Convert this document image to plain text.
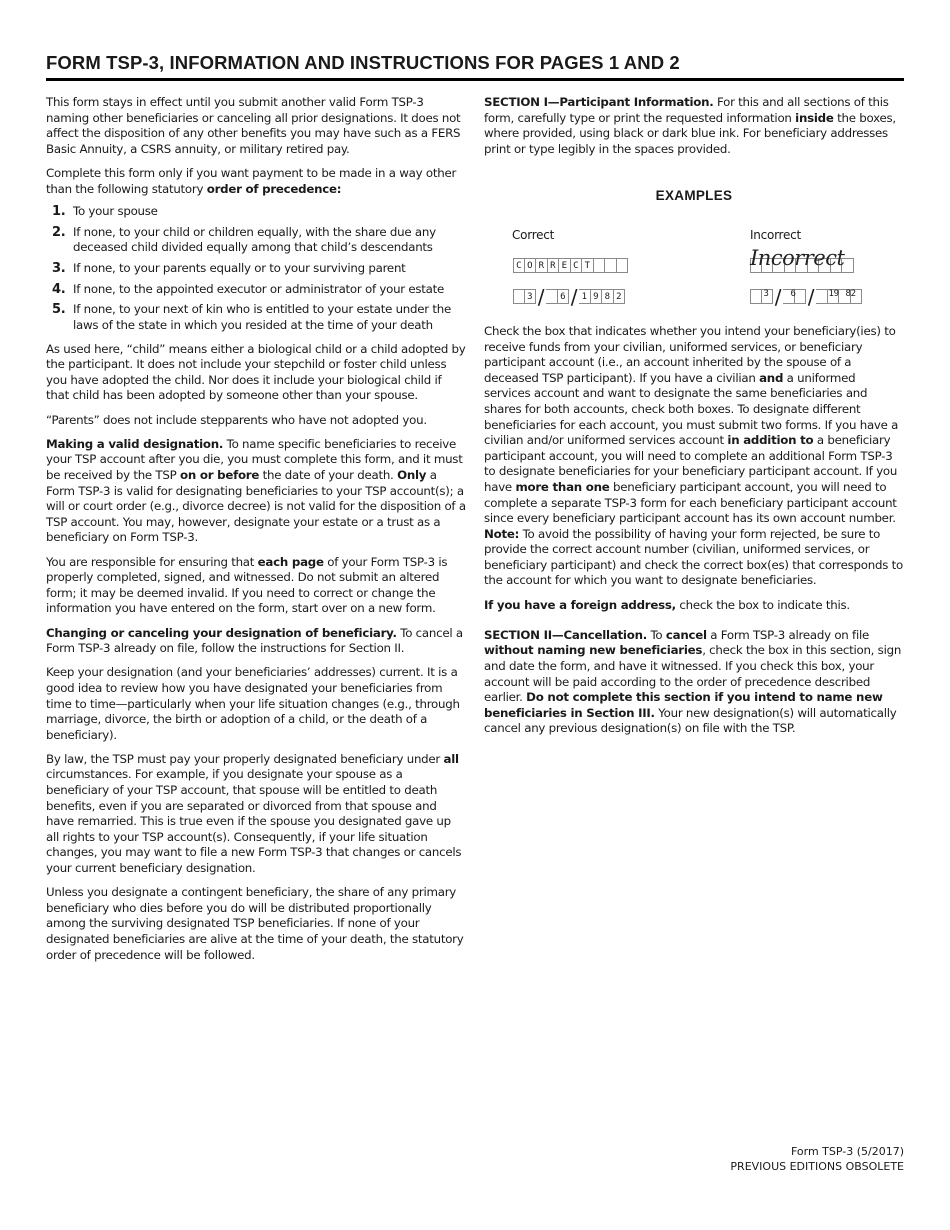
FORM TSP-3, INFORMATION AND INSTRUCTIONS FOR PAGES 1 AND 2

This form stays in effect until you submit another valid Form TSP-3 naming other beneficiaries or canceling all prior designations. It does not affect the disposition of any other benefits you may have such as a FERS Basic Annuity, a CSRS annuity, or military retired pay.

Complete this form only if you want payment to be made in a way other than the following statutory order of precedence:

1. To your spouse
2. If none, to your child or children equally, with the share due any deceased child divided equally among that child’s descendants
3. If none, to your parents equally or to your surviving parent
4. If none, to the appointed executor or administrator of your estate
5. If none, to your next of kin who is entitled to your estate under the laws of the state in which you resided at the time of your death

As used here, “child” means either a biological child or a child adopted by the participant. It does not include your stepchild or foster child unless you have adopted the child. Nor does it include your biological child if that child has been adopted by someone other than your spouse.

“Parents” does not include stepparents who have not adopted you.

Making a valid designation. To name specific beneficiaries to receive your TSP account after you die, you must complete this form, and it must be received by the TSP on or before the date of your death. Only a Form TSP-3 is valid for designating beneficiaries to your TSP account(s); a will or court order (e.g., divorce decree) is not valid for the disposition of a TSP account. You may, however, designate your estate or a trust as a beneficiary on Form TSP-3.

You are responsible for ensuring that each page of your Form TSP-3 is properly completed, signed, and witnessed. Do not submit an altered form; it may be deemed invalid. If you need to correct or change the information you have entered on the form, start over on a new form.

Changing or canceling your designation of beneficiary. To cancel a Form TSP-3 already on file, follow the instructions for Section II.

Keep your designation (and your beneficiaries’ addresses) current. It is a good idea to review how you have designated your beneficiaries from time to time—particularly when your life situation changes (e.g., through marriage, divorce, the birth or adoption of a child, or the death of a beneficiary).

By law, the TSP must pay your properly designated beneficiary under all circumstances. For example, if you designate your spouse as a beneficiary of your TSP account, that spouse will be entitled to death benefits, even if you are separated or divorced from that spouse and have remarried. This is true even if the spouse you designated gave up all rights to your TSP account(s). Consequently, if your life situation changes, you may want to file a new Form TSP-3 that changes or cancels your current beneficiary designation.

Unless you designate a contingent beneficiary, the share of any primary beneficiary who dies before you do will be distributed proportionally among the surviving designated TSP beneficiaries. If none of your designated beneficiaries are alive at the time of your death, the statutory order of precedence will be followed.

SECTION I—Participant Information. For this and all sections of this form, carefully type or print the requested information inside the boxes, where provided, using black or dark blue ink. For beneficiary addresses print or type legibly in the spaces provided.

EXAMPLES
Correct	Incorrect
C O R R E C T
3 / 6 / 1 9 8 2
Incorrect
3 / 6 / 19 82

Check the box that indicates whether you intend your beneficiary(ies) to receive funds from your civilian, uniformed services, or beneficiary participant account (i.e., an account inherited by the spouse of a deceased TSP participant). If you have a civilian and a uniformed services account and want to designate the same beneficiaries and shares for both accounts, check both boxes. To designate different beneficiaries for each account, you must submit two forms. If you have a civilian and/or uniformed services account in addition to a beneficiary participant account, you will need to complete an additional Form TSP-3 to designate beneficiaries for your beneficiary participant account. If you have more than one beneficiary participant account, you will need to complete a separate TSP-3 form for each beneficiary participant account since every beneficiary participant account has its own account number. Note: To avoid the possibility of having your form rejected, be sure to provide the correct account number (civilian, uniformed services, or beneficiary participant) and check the correct box(es) that corresponds to the account for which you want to designate beneficiaries.

If you have a foreign address, check the box to indicate this.

SECTION II—Cancellation. To cancel a Form TSP-3 already on file without naming new beneficiaries, check the box in this section, sign and date the form, and have it witnessed. If you check this box, your account will be paid according to the order of precedence described earlier. Do not complete this section if you intend to name new beneficiaries in Section III. Your new designation(s) will automatically cancel any previous designation(s) on file with the TSP.

Form TSP-3 (5/2017)
PREVIOUS EDITIONS OBSOLETE
